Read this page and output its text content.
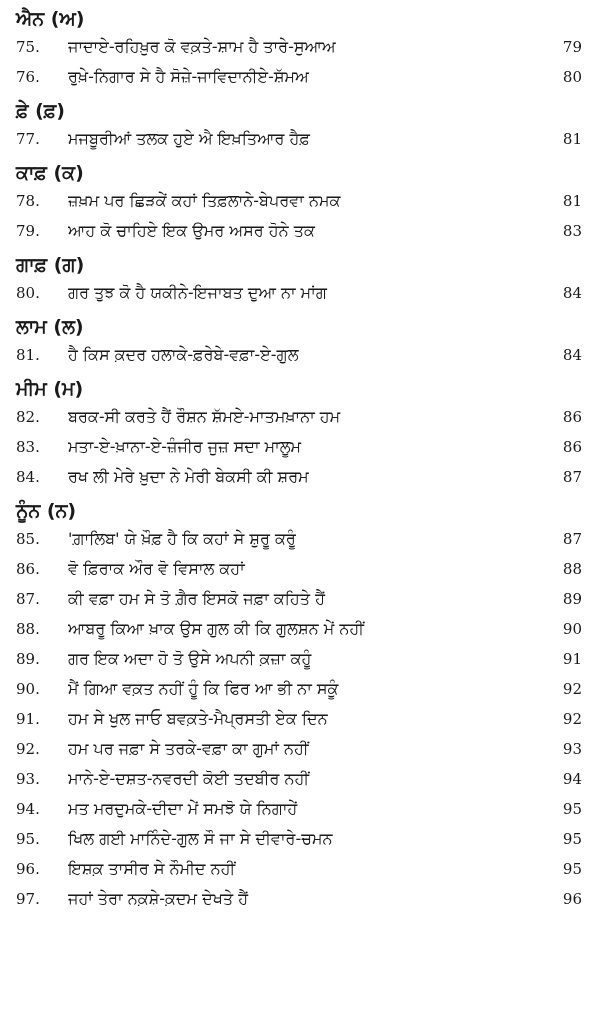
ਐਨ (ਅ)
75.	ਜਾਦਾਏ-ਰਹਿਖ਼ੁਰ ਕੋ ਵਕ਼ਤੇ-ਸ਼ਾਮ ਹੈ ਤਾਰੇ-ਸੁਆਅ	79
76.	ਰੁਖ਼ੇ-ਨਿਗਾਰ ਸੇ ਹੈ ਸੋਜ਼ੇ-ਜਾਵਿਦਾਨੀਏ-ਸ਼ੱਮਅ	80
ਫ਼ੇ (ਫ਼)
77.	ਮਜਬੂਰੀਆਂ ਤਲਕ ਹੁਏ ਐ ਇਖ਼ਤਿਆਰ ਹੈਫ਼	81
ਕਾਫ਼ (ਕ)
78.	ਜ਼ਖ਼ਮ ਪਰ ਛਿੜਕੇਂ ਕਹਾਂ ਤਿਫ਼ਲਾਨੇ-ਬੇਪਰਵਾ ਨਮਕ	81
79.	ਆਹ ਕੋ ਚਾਹਿਏ ਇਕ ਉਮਰ ਅਸਰ ਹੋਨੇ ਤਕ	83
ਗਾਫ਼ (ਗ)
80.	ਗਰ ਤੁਝ ਕੋ ਹੈ ਯਕੀਨੇ-ਇਜਾਬਤ ਦੁਆ ਨਾ ਮਾਂਗ	84
ਲਾਮ (ਲ)
81.	ਹੈ ਕਿਸ ਕ਼ਦਰ ਹਲਾਕੇ-ਫ਼ਰੇਬੇ-ਵਫ਼ਾ-ਏ-ਗੁਲ	84
ਮੀਮ (ਮ)
82.	ਬਰਕ-ਸੀ ਕਰਤੇ ਹੈਂ ਰੌਸ਼ਨ ਸ਼ੱਮਏ-ਮਾਤਮਖ਼ਾਨਾ ਹਮ	86
83.	ਮਤਾ-ਏ-ਖ਼ਾਨਾ-ਏ-ਜ਼ੰਜੀਰ ਜੁਜ਼ ਸਦਾ ਮਾਲੂਮ	86
84.	ਰਖ ਲੀ ਮੇਰੇ ਖ਼ੁਦਾ ਨੇ ਮੇਰੀ ਬੇਕਸੀ ਕੀ ਸ਼ਰਮ	87
ਨੂੰਨ (ਨ)
85.	'ਗ਼ਾਲਿਬ' ਯੇ ਖ਼ੌਫ਼ ਹੈ ਕਿ ਕਹਾਂ ਸੇ ਸ਼ੁਰੂ ਕਰੂੰ	87
86.	ਵੋ ਫ਼ਿਰਾਕ ਔਰ ਵੋ ਵਿਸਾਲ ਕਹਾਂ	88
87.	ਕੀ ਵਫ਼ਾ ਹਮ ਸੇ ਤੋ ਗ਼ੈਰ ਇਸਕੋ ਜਫ਼ਾ ਕਹਿਤੇ ਹੈਂ	89
88.	ਆਬਰੂ ਕਿਆ ਖ਼ਾਕ ਉਸ ਗੁਲ ਕੀ ਕਿ ਗੁਲਸ਼ਨ ਮੇਂ ਨਹੀਂ	90
89.	ਗਰ ਇਕ ਅਦਾ ਹੋ ਤੋ ਉਸੇ ਅਪਨੀ ਕ਼ਜ਼ਾ ਕਹੂੰ	91
90.	ਮੈਂ ਗਿਆ ਵਕ਼ਤ ਨਹੀਂ ਹੂੰ ਕਿ ਫਿਰ ਆ ਭੀ ਨਾ ਸਕੂੰ	92
91.	ਹਮ ਸੇ ਖੁਲ ਜਾਓ ਬਵਕ਼ਤੇ-ਮੈਪ੍ਰਸਤੀ ਏਕ ਦਿਨ	92
92.	ਹਮ ਪਰ ਜਫ਼ਾ ਸੇ ਤਰਕੇ-ਵਫ਼ਾ ਕਾ ਗੁਮਾਂ ਨਹੀਂ	93
93.	ਮਾਨੇ-ਏ-ਦਸ਼ਤ-ਨਵਰਦੀ ਕੋਈ ਤਦਬੀਰ ਨਹੀਂ	94
94.	ਮਤ ਮਰਦੁਮਕੇ-ਦੀਦਾ ਮੇਂ ਸਮਝੋ ਯੇ ਨਿਗਾਹੇਂ	95
95.	ਖਿਲ ਗਈ ਮਾਨਿੰਦੇ-ਗੁਲ ਸੌ ਜਾ ਸੇ ਦੀਵਾਰੇ-ਚਮਨ	95
96.	ਇਸ਼ਕ਼ ਤਾਸੀਰ ਸੇ ਨੌਮੀਦ ਨਹੀਂ	95
97.	ਜਹਾਂ ਤੇਰਾ ਨਕ਼ਸ਼ੇ-ਕ਼ਦਮ ਦੇਖਤੇ ਹੈਂ	96
